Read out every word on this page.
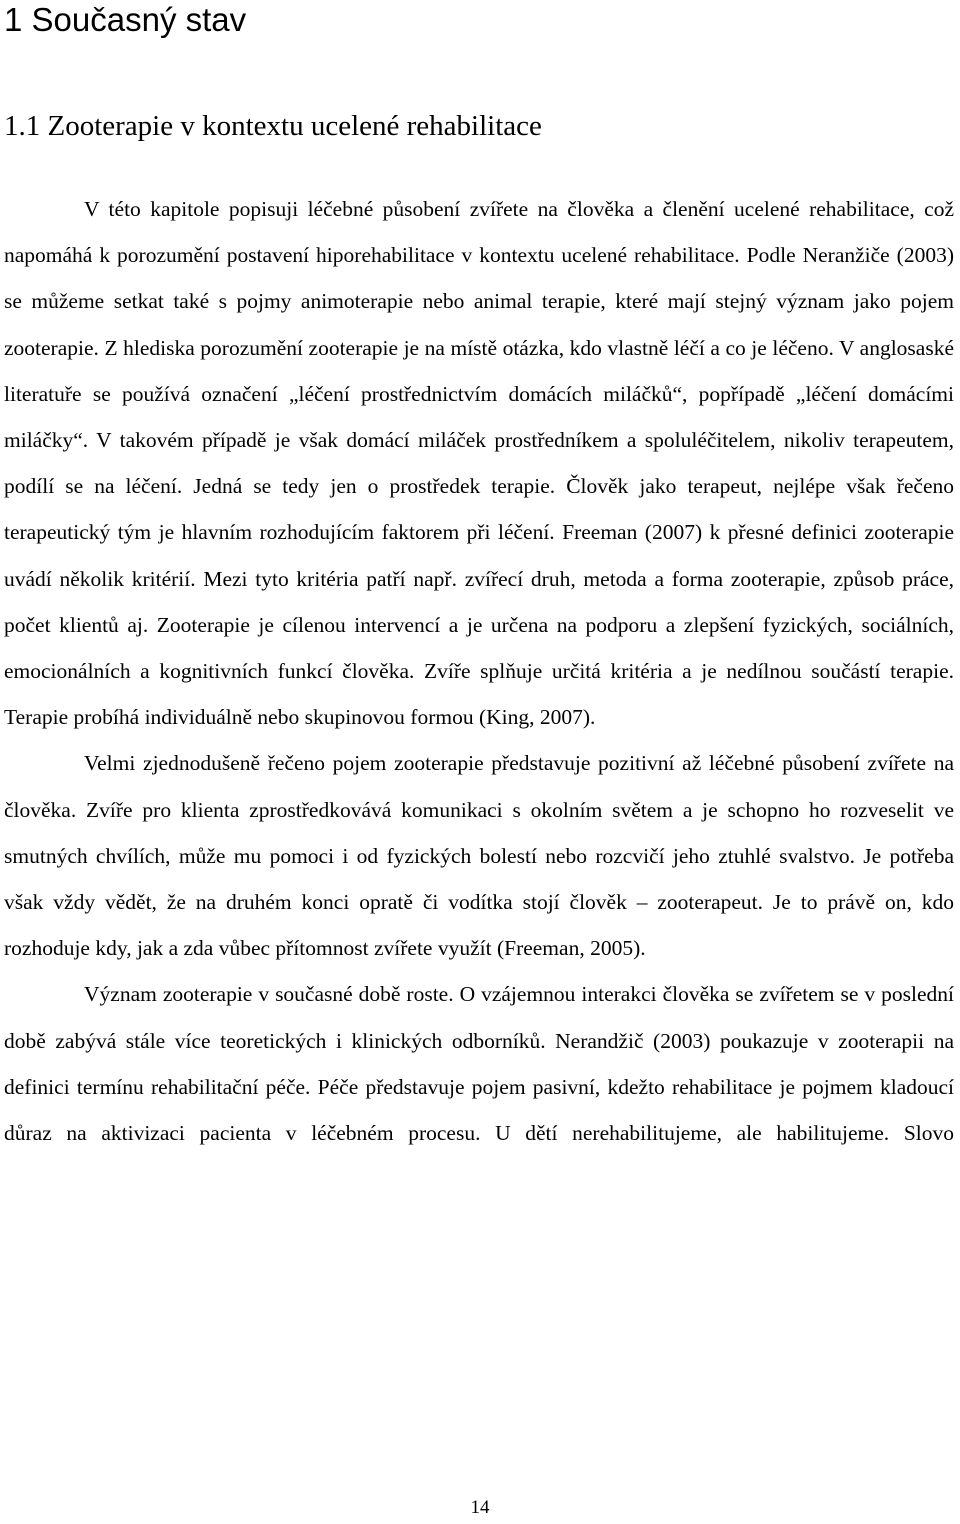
1 Současný stav
1.1 Zooterapie v kontextu ucelené rehabilitace

V této kapitole popisuji léčebné působení zvířete na člověka a členění ucelené rehabilitace, což napomáhá k porozumění postavení hiporehabilitace v kontextu ucelené rehabilitace. Podle Neranžiče (2003) se můžeme setkat také s pojmy animoterapie nebo animal terapie, které mají stejný význam jako pojem zooterapie. Z hlediska porozumění zooterapie je na místě otázka, kdo vlastně léčí a co je léčeno. V anglosaské literatuře se používá označení „léčení prostřednictvím domácích miláčků“, popřípadě „léčení domácími miláčky“. V takovém případě je však domácí miláček prostředníkem a spoluléčitelem, nikoliv terapeutem, podílí se na léčení. Jedná se tedy jen o prostředek terapie. Člověk jako terapeut, nejlépe však řečeno terapeutický tým je hlavním rozhodujícím faktorem při léčení. Freeman (2007) k přesné definici zooterapie uvádí několik kritérií. Mezi tyto kritéria patří např. zvířecí druh, metoda a forma zooterapie, způsob práce, počet klientů aj. Zooterapie je cílenou intervencí a je určena na podporu a zlepšení fyzických, sociálních, emocionálních a kognitivních funkcí člověka. Zvíře splňuje určitá kritéria a je nedílnou součástí terapie. Terapie probíhá individuálně nebo skupinovou formou (King, 2007).

Velmi zjednodušeně řečeno pojem zooterapie představuje pozitivní až léčebné působení zvířete na člověka. Zvíře pro klienta zprostředkovává komunikaci s okolním světem a je schopno ho rozveselit ve smutných chvílích, může mu pomoci i od fyzických bolestí nebo rozcvičí jeho ztuhlé svalstvo. Je potřeba však vždy vědět, že na druhém konci opratě či vodítka stojí člověk – zooterapeut. Je to právě on, kdo rozhoduje kdy, jak a zda vůbec přítomnost zvířete využít (Freeman, 2005).

Význam zooterapie v současné době roste. O vzájemnou interakci člověka se zvířetem se v poslední době zabývá stále více teoretických i klinických odborníků. Nerandžič (2003) poukazuje v zooterapii na definici termínu rehabilitační péče. Péče představuje pojem pasivní, kdežto rehabilitace je pojmem kladoucí důraz na aktivizaci pacienta v léčebném procesu. U dětí nerehabilitujeme, ale habilitujeme. Slovo

14
